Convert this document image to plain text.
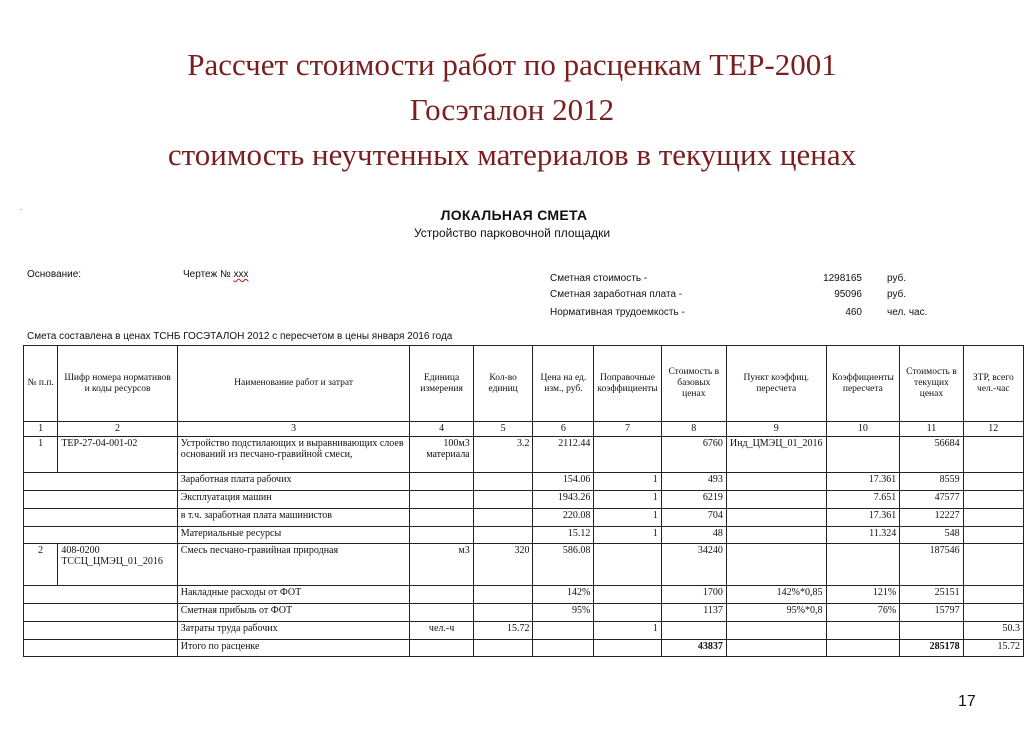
Рассчет стоимости работ по расценкам ТЕР-2001
Госэталон 2012
стоимость неучтенных материалов в текущих ценах
.	ЛОКАЛЬНАЯ СМЕТА
Устройство парковочной площадки
Основание:	Чертеж № ххх	Сметная стоимость -	1298165	руб.
Сметная заработная плата -	95096	руб.
Нормативная трудоемкость -	460	чел. час.
Смета составлена в ценах ТСНБ ГОСЭТАЛОН 2012 с пересчетом в цены января 2016 года
№ п.п.	Шифр номера нормативов и коды ресурсов	Наименование работ и затрат	Единица измерения	Кол-во единиц	Цена на ед. изм., руб.	Поправочные коэффициенты	Стоимость в базовых ценах	Пункт коэффиц. пересчета	Коэффициенты пересчета	Стоимость в текущих ценах	ЗТР, всего чел.-час
1	2	3	4	5	6	7	8	9	10	11	12
1	ТЕР-27-04-001-02	Устройство подстилающих и выравнивающих слоев оснований из песчано-гравийной смеси,	100м3 материала	3.2	2112.44		6760	Инд_ЦМЭЦ_01_2016		56684	
		Заработная плата рабочих			154.06	1	493		17.361	8559	
		Эксплуатация машин			1943.26	1	6219		7.651	47577	
		в т.ч. заработная плата машинистов			220.08	1	704		17.361	12227	
		Материальные ресурсы			15.12	1	48		11.324	548	
2	408-0200 ТССЦ_ЦМЭЦ_01_2016	Смесь песчано-гравийная природная	м3	320	586.08		34240			187546	
		Накладные расходы от ФОТ			142%		1700	142%*0,85	121%	25151	
		Сметная прибыль от ФОТ			95%		1137	95%*0,8	76%	15797	
		Затраты труда рабочих	чел.-ч	15.72		1					50.3
		Итого по расценке					43837			285178	15.72
17
